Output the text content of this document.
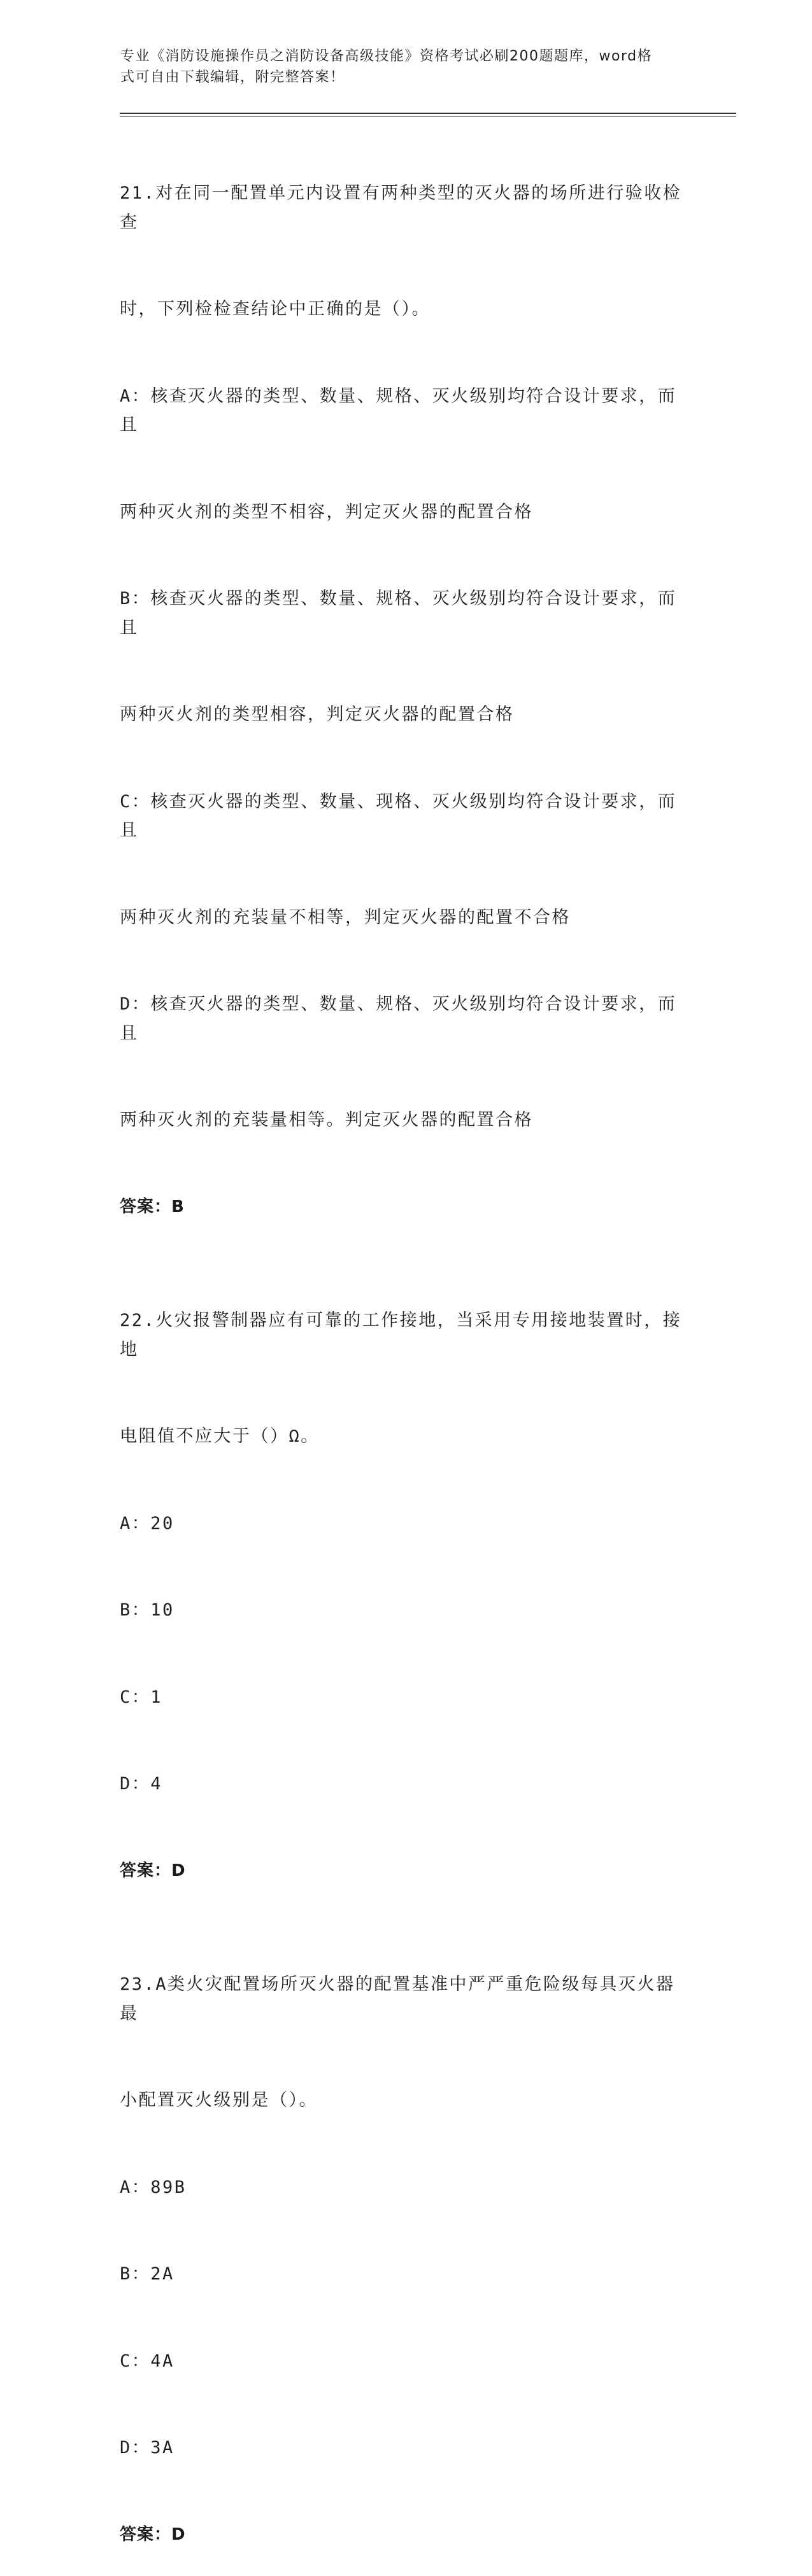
专业《消防设施操作员之消防设备高级技能》资格考试必刷200题题库，word格
式可自由下载编辑，附完整答案！

21.对在同一配置单元内设置有两种类型的灭火器的场所进行验收检查

时，下列检检查结论中正确的是（）。

A：核查灭火器的类型、数量、规格、灭火级别均符合设计要求，而且

两种灭火剂的类型不相容，判定灭火器的配置合格

B：核查灭火器的类型、数量、规格、灭火级别均符合设计要求，而且

两种灭火剂的类型相容，判定灭火器的配置合格

C：核查灭火器的类型、数量、现格、灭火级别均符合设计要求，而且

两种灭火剂的充装量不相等，判定灭火器的配置不合格

D：核查灭火器的类型、数量、规格、灭火级别均符合设计要求，而且

两种灭火剂的充装量相等。判定灭火器的配置合格

答案：B

22.火灾报警制器应有可靠的工作接地，当采用专用接地装置时，接地

电阻值不应大于（）Ω。

A：20

B：10

C：1

D：4

答案：D

23.A类火灾配置场所灭火器的配置基准中严严重危险级每具灭火器最

小配置灭火级别是（）。

A：89B

B：2A

C：4A

D：3A

答案：D
